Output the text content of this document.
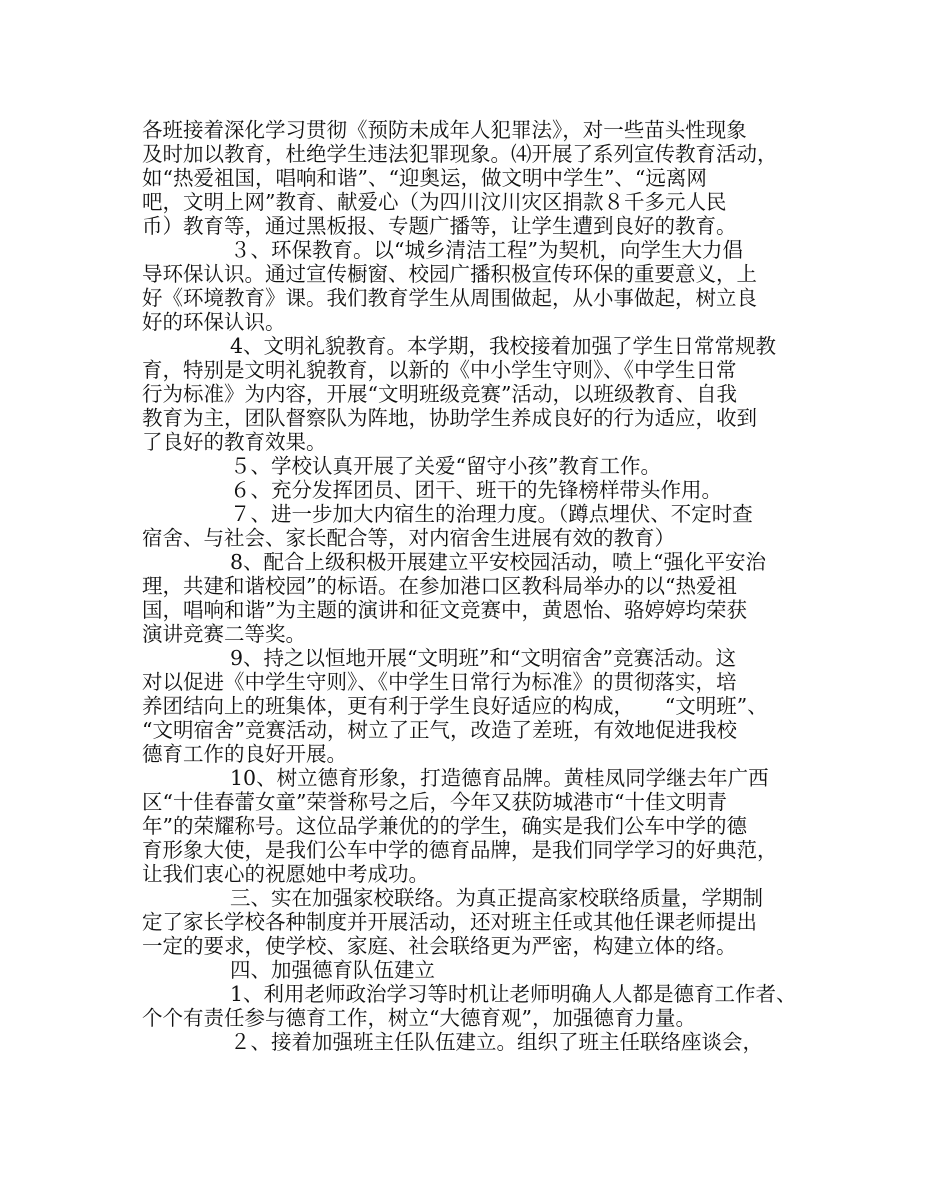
各班接着深化学习贯彻《预防未成年人犯罪法》，对一些苗头性现象
及时加以教育，杜绝学生违法犯罪现象。⑷开展了系列宣传教育活动，
如“热爱祖国，唱响和谐”、“迎奥运，做文明中学生”、“远离网
吧，文明上网”教育、献爱心（为四川汶川灾区捐款８千多元人民
币）教育等，通过黑板报、专题广播等，让学生遭到良好的教育。
３、环保教育。以“城乡清洁工程”为契机，向学生大力倡
导环保认识。通过宣传橱窗、校园广播积极宣传环保的重要意义，上
好《环境教育》课。我们教育学生从周围做起，从小事做起，树立良
好的环保认识。
4、文明礼貌教育。本学期，我校接着加强了学生日常常规教
育，特别是文明礼貌教育，以新的《中小学生守则》、《中学生日常
行为标准》为内容，开展“文明班级竞赛”活动，以班级教育、自我
教育为主，团队督察队为阵地，协助学生养成良好的行为适应，收到
了良好的教育效果。
５、学校认真开展了关爱“留守小孩”教育工作。
６、充分发挥团员、团干、班干的先锋榜样带头作用。
７、进一步加大内宿生的治理力度。（蹲点埋伏、不定时查
宿舍、与社会、家长配合等，对内宿舍生进展有效的教育）
8、配合上级积极开展建立平安校园活动，喷上“强化平安治
理，共建和谐校园”的标语。在参加港口区教科局举办的以“热爱祖
国，唱响和谐”为主题的演讲和征文竞赛中，黄恩怡、骆婷婷均荣获
演讲竞赛二等奖。
9、持之以恒地开展“文明班”和“文明宿舍”竞赛活动。这
对以促进《中学生守则》、《中学生日常行为标准》的贯彻落实，培
养团结向上的班集体，更有利于学生良好适应的构成，　　“文明班”、
“文明宿舍”竞赛活动，树立了正气，改造了差班，有效地促进我校
德育工作的良好开展。
10、树立德育形象，打造德育品牌。黄桂凤同学继去年广西
区“十佳春蕾女童”荣誉称号之后，今年又获防城港市“十佳文明青
年”的荣耀称号。这位品学兼优的的学生，确实是我们公车中学的德
育形象大使，是我们公车中学的德育品牌，是我们同学学习的好典范，
让我们衷心的祝愿她中考成功。
三、实在加强家校联络。为真正提高家校联络质量，学期制
定了家长学校各种制度并开展活动，还对班主任或其他任课老师提出
一定的要求，使学校、家庭、社会联络更为严密，构建立体的络。
四、加强德育队伍建立
1、利用老师政治学习等时机让老师明确人人都是德育工作者、
个个有责任参与德育工作，树立“大德育观”，加强德育力量。
２、接着加强班主任队伍建立。组织了班主任联络座谈会，
